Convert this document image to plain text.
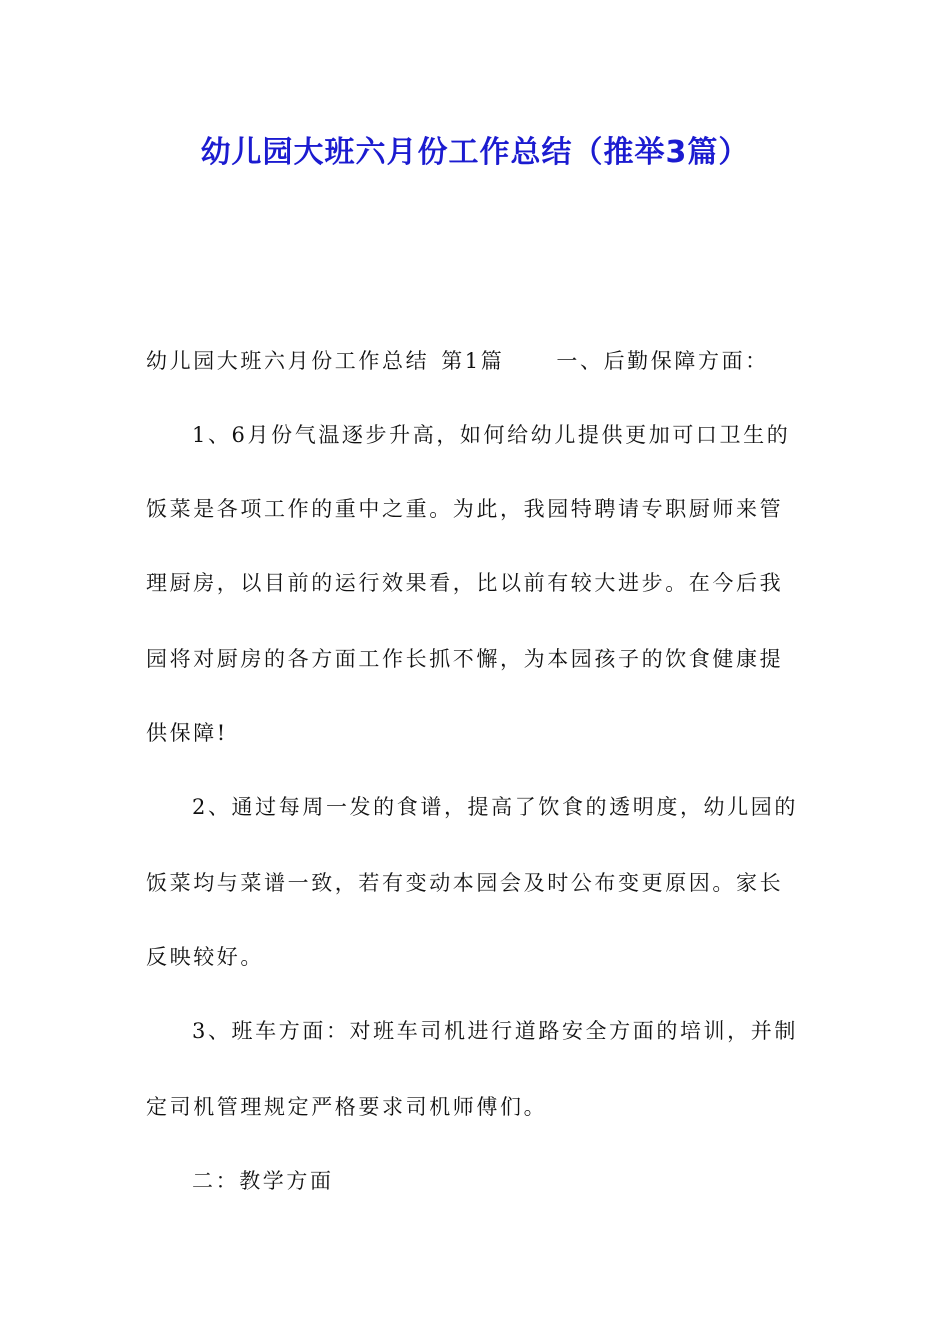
幼儿园大班六月份工作总结（推举3篇）

幼儿园大班六月份工作总结 第1篇 一、后勤保障方面：

1、6月份气温逐步升高，如何给幼儿提供更加可口卫生的

饭菜是各项工作的重中之重。为此，我园特聘请专职厨师来管

理厨房，以目前的运行效果看，比以前有较大进步。在今后我

园将对厨房的各方面工作长抓不懈，为本园孩子的饮食健康提

供保障!

2、通过每周一发的食谱，提高了饮食的透明度，幼儿园的

饭菜均与菜谱一致，若有变动本园会及时公布变更原因。家长

反映较好。

3、班车方面：对班车司机进行道路安全方面的培训，并制

定司机管理规定严格要求司机师傅们。

二：教学方面
